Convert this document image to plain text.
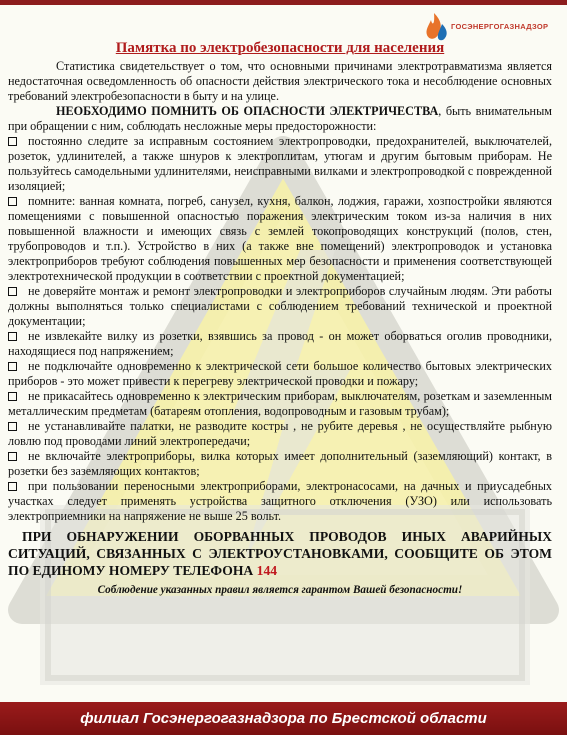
ГОСЭНЕРГОГАЗНАДЗОР
Памятка по электробезопасности для населения

Статистика свидетельствует о том, что основными причинами электротравматизма является недостаточная осведомленность об опасности действия электрического тока и несоблюдение основных требований электробезопасности в быту и на улице.

НЕОБХОДИМО ПОМНИТЬ ОБ ОПАСНОСТИ ЭЛЕКТРИЧЕСТВА, быть внимательным при обращении с ним, соблюдать несложные меры предосторожности:

постоянно следите за исправным состоянием электропроводки, предохранителей, выключателей, розеток, удлинителей, а также шнуров к электроплитам, утюгам и другим бытовым приборам. Не пользуйтесь самодельными удлинителями, неисправными вилками и электропроводкой с поврежденной изоляцией;
помните: ванная комната, погреб, санузел, кухня, балкон, лоджия, гаражи, хозпостройки являются помещениями с повышенной опасностью поражения электрическим током из-за наличия в них повышенной влажности и имеющих связь с землей токопроводящих конструкций (полов, стен, трубопроводов и т.п.). Устройство в них (а также вне помещений) электропроводок и установка электроприборов требуют соблюдения повышенных мер безопасности и применения соответствующей электротехнической продукции в соответствии с проектной документацией;
не доверяйте монтаж и ремонт электропроводки и электроприборов случайным людям. Эти работы должны выполняться только специалистами с соблюдением требований технической и проектной документации;
не извлекайте вилку из розетки, взявшись за провод - он может оборваться оголив проводники, находящиеся под напряжением;
не подключайте одновременно к электрической сети большое количество бытовых электрических приборов - это может привести к перегреву электрической проводки и пожару;
не прикасайтесь одновременно к электрическим приборам, выключателям, розеткам и заземленным металлическим предметам (батареям отопления, водопроводным и газовым трубам);
не устанавливайте палатки, не разводите костры , не рубите деревья , не осуществляйте рыбную ловлю под проводами линий электропередачи;
не включайте электроприборы, вилка которых имеет дополнительный (заземляющий) контакт, в розетки без заземляющих контактов;
при пользовании переносными электроприборами, электронасосами, на дачных и приусадебных участках следует применять устройства защитного отключения (УЗО) или использовать электроприемники на напряжение не выше 25 вольт.

ПРИ ОБНАРУЖЕНИИ ОБОРВАННЫХ ПРОВОДОВ ИНЫХ АВАРИЙНЫХ СИТУАЦИЙ, СВЯЗАННЫХ С ЭЛЕКТРОУСТАНОВКАМИ, СООБЩИТЕ ОБ ЭТОМ ПО ЕДИНОМУ НОМЕРУ ТЕЛЕФОНА 144

Соблюдение указанных правил является гарантом Вашей безопасности!

филиал Госэнергогазнадзора по Брестской области
